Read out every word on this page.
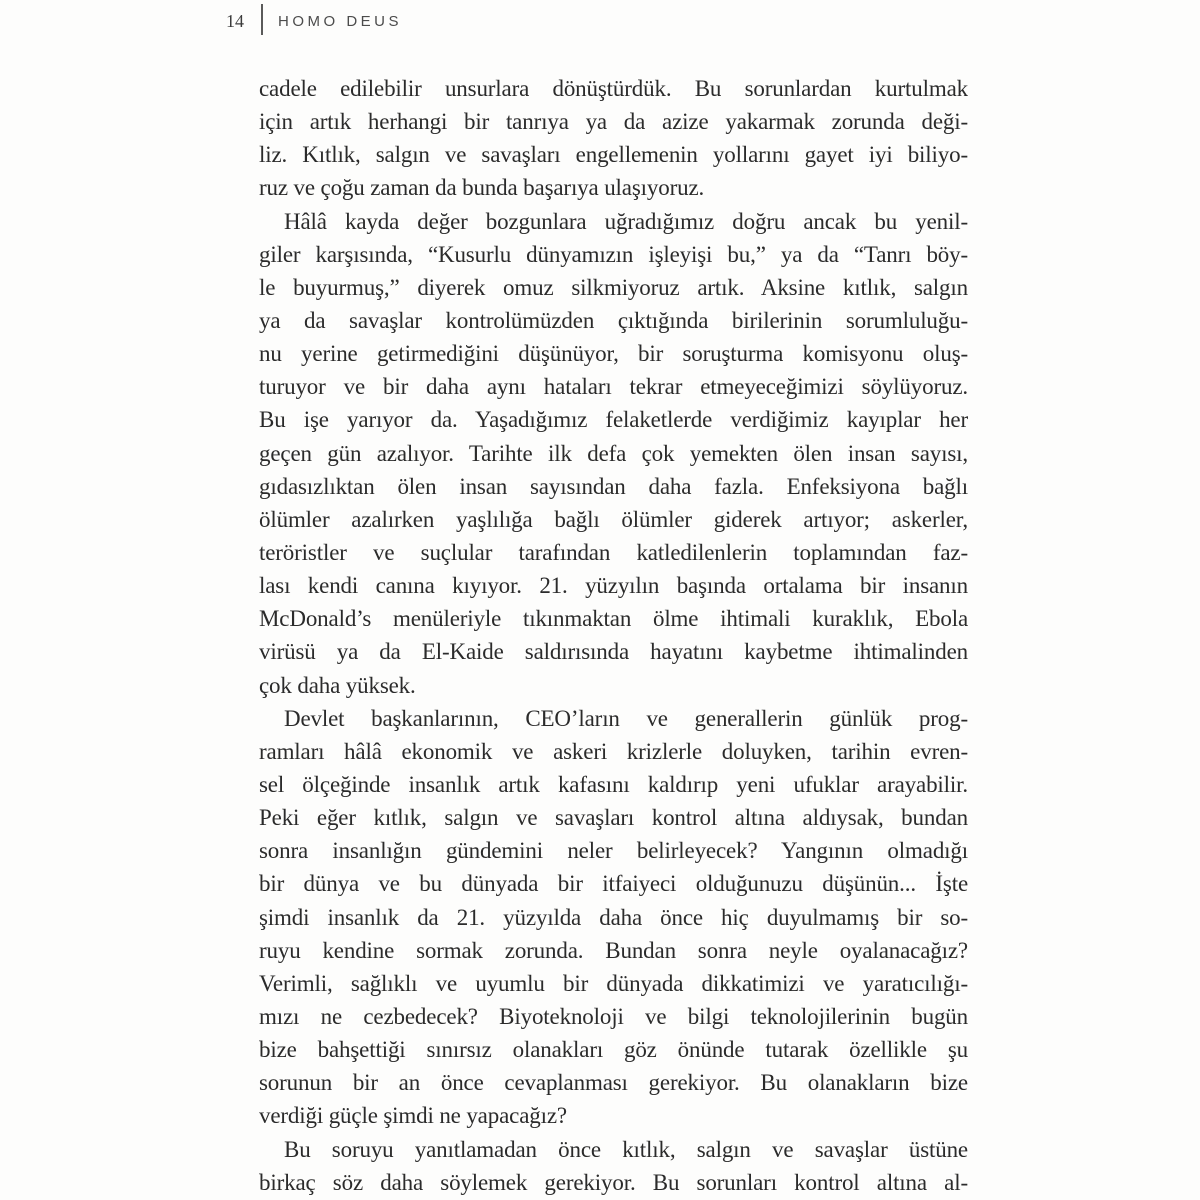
14 HOMO DEUS
cadele edilebilir unsurlara dönüştürdük. Bu sorunlardan kurtulmak
için artık herhangi bir tanrıya ya da azize yakarmak zorunda deği-
liz. Kıtlık, salgın ve savaşları engellemenin yollarını gayet iyi biliyo-
ruz ve çoğu zaman da bunda başarıya ulaşıyoruz.
Hâlâ kayda değer bozgunlara uğradığımız doğru ancak bu yenil-
giler karşısında, “Kusurlu dünyamızın işleyişi bu,” ya da “Tanrı böy-
le buyurmuş,” diyerek omuz silkmiyoruz artık. Aksine kıtlık, salgın
ya da savaşlar kontrolümüzden çıktığında birilerinin sorumluluğu-
nu yerine getirmediğini düşünüyor, bir soruşturma komisyonu oluş-
turuyor ve bir daha aynı hataları tekrar etmeyeceğimizi söylüyoruz.
Bu işe yarıyor da. Yaşadığımız felaketlerde verdiğimiz kayıplar her
geçen gün azalıyor. Tarihte ilk defa çok yemekten ölen insan sayısı,
gıdasızlıktan ölen insan sayısından daha fazla. Enfeksiyona bağlı
ölümler azalırken yaşlılığa bağlı ölümler giderek artıyor; askerler,
teröristler ve suçlular tarafından katledilenlerin toplamından faz-
lası kendi canına kıyıyor. 21. yüzyılın başında ortalama bir insanın
McDonald’s menüleriyle tıkınmaktan ölme ihtimali kuraklık, Ebola
virüsü ya da El-Kaide saldırısında hayatını kaybetme ihtimalinden
çok daha yüksek.
Devlet başkanlarının, CEO’ların ve generallerin günlük prog-
ramları hâlâ ekonomik ve askeri krizlerle doluyken, tarihin evren-
sel ölçeğinde insanlık artık kafasını kaldırıp yeni ufuklar arayabilir.
Peki eğer kıtlık, salgın ve savaşları kontrol altına aldıysak, bundan
sonra insanlığın gündemini neler belirleyecek? Yangının olmadığı
bir dünya ve bu dünyada bir itfaiyeci olduğunuzu düşünün... İşte
şimdi insanlık da 21. yüzyılda daha önce hiç duyulmamış bir so-
ruyu kendine sormak zorunda. Bundan sonra neyle oyalanacağız?
Verimli, sağlıklı ve uyumlu bir dünyada dikkatimizi ve yaratıcılığı-
mızı ne cezbedecek? Biyoteknoloji ve bilgi teknolojilerinin bugün
bize bahşettiği sınırsız olanakları göz önünde tutarak özellikle şu
sorunun bir an önce cevaplanması gerekiyor. Bu olanakların bize
verdiği güçle şimdi ne yapacağız?
Bu soruyu yanıtlamadan önce kıtlık, salgın ve savaşlar üstüne
birkaç söz daha söylemek gerekiyor. Bu sorunları kontrol altına al-
